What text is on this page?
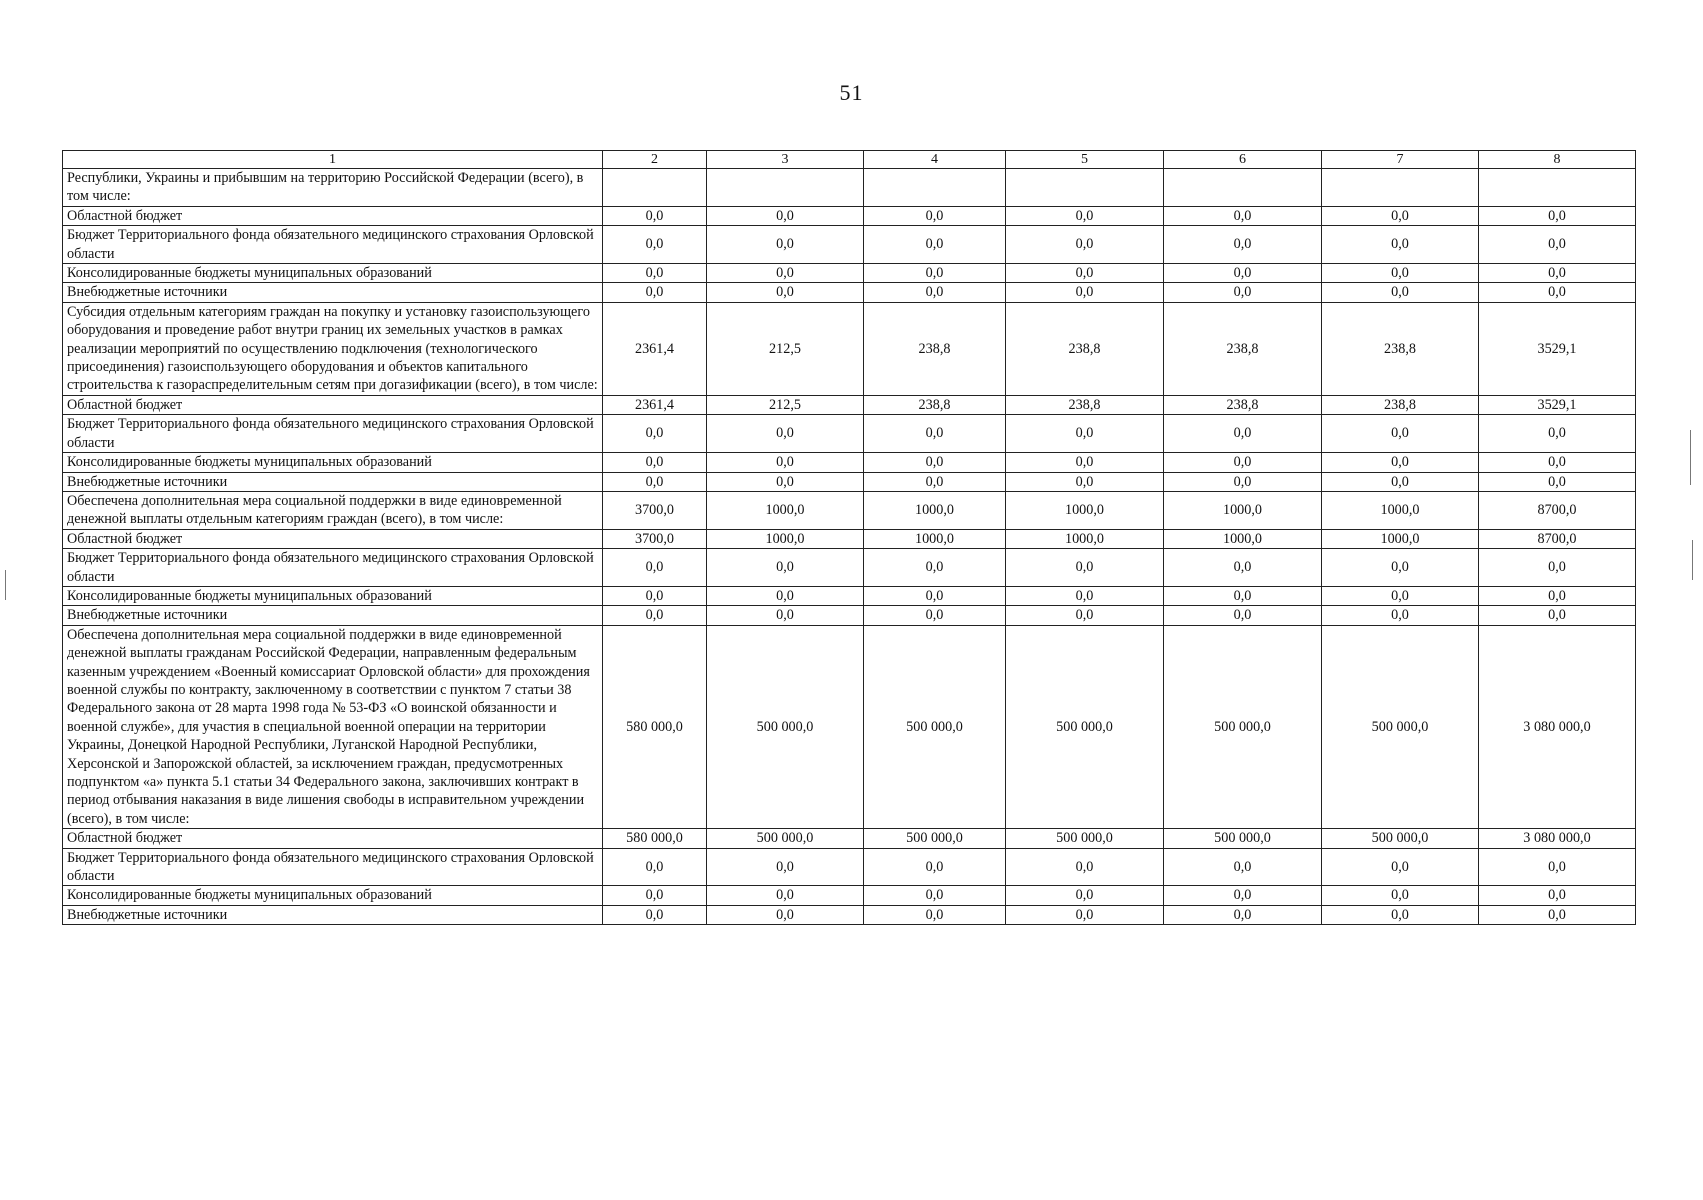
51
1	2	3	4	5	6	7	8
Республики, Украины и прибывшим на территорию Российской Федерации (всего), в том числе:							
Областной бюджет	0,0	0,0	0,0	0,0	0,0	0,0	0,0
Бюджет Территориального фонда обязательного медицинского страхования Орловской области	0,0	0,0	0,0	0,0	0,0	0,0	0,0
Консолидированные бюджеты муниципальных образований	0,0	0,0	0,0	0,0	0,0	0,0	0,0
Внебюджетные источники	0,0	0,0	0,0	0,0	0,0	0,0	0,0
Субсидия отдельным категориям граждан на покупку и установку газоиспользующего оборудования и проведение работ внутри границ их земельных участков в рамках реализации мероприятий по осуществлению подключения (технологического присоединения) газоиспользующего оборудования и объектов капитального строительства к газораспределительным сетям при догазификации (всего), в том числе:	2361,4	212,5	238,8	238,8	238,8	238,8	3529,1
Областной бюджет	2361,4	212,5	238,8	238,8	238,8	238,8	3529,1
Бюджет Территориального фонда обязательного медицинского страхования Орловской области	0,0	0,0	0,0	0,0	0,0	0,0	0,0
Консолидированные бюджеты муниципальных образований	0,0	0,0	0,0	0,0	0,0	0,0	0,0
Внебюджетные источники	0,0	0,0	0,0	0,0	0,0	0,0	0,0
Обеспечена дополнительная мера социальной поддержки в виде единовременной денежной выплаты отдельным категориям граждан (всего), в том числе:	3700,0	1000,0	1000,0	1000,0	1000,0	1000,0	8700,0
Областной бюджет	3700,0	1000,0	1000,0	1000,0	1000,0	1000,0	8700,0
Бюджет Территориального фонда обязательного медицинского страхования Орловской области	0,0	0,0	0,0	0,0	0,0	0,0	0,0
Консолидированные бюджеты муниципальных образований	0,0	0,0	0,0	0,0	0,0	0,0	0,0
Внебюджетные источники	0,0	0,0	0,0	0,0	0,0	0,0	0,0
Обеспечена дополнительная мера социальной поддержки в виде единовременной денежной выплаты гражданам Российской Федерации, направленным федеральным казенным учреждением «Военный комиссариат Орловской области» для прохождения военной службы по контракту, заключенному в соответствии с пунктом 7 статьи 38 Федерального закона от 28 марта 1998 года № 53-ФЗ «О воинской обязанности и военной службе», для участия в специальной военной операции на территории Украины, Донецкой Народной Республики, Луганской Народной Республики, Херсонской и Запорожской областей, за исключением граждан, предусмотренных подпунктом «а» пункта 5.1 статьи 34 Федерального закона, заключивших контракт в период отбывания наказания в виде лишения свободы в исправительном учреждении (всего), в том числе:	580 000,0	500 000,0	500 000,0	500 000,0	500 000,0	500 000,0	3 080 000,0
Областной бюджет	580 000,0	500 000,0	500 000,0	500 000,0	500 000,0	500 000,0	3 080 000,0
Бюджет Территориального фонда обязательного медицинского страхования Орловской области	0,0	0,0	0,0	0,0	0,0	0,0	0,0
Консолидированные бюджеты муниципальных образований	0,0	0,0	0,0	0,0	0,0	0,0	0,0
Внебюджетные источники	0,0	0,0	0,0	0,0	0,0	0,0	0,0
